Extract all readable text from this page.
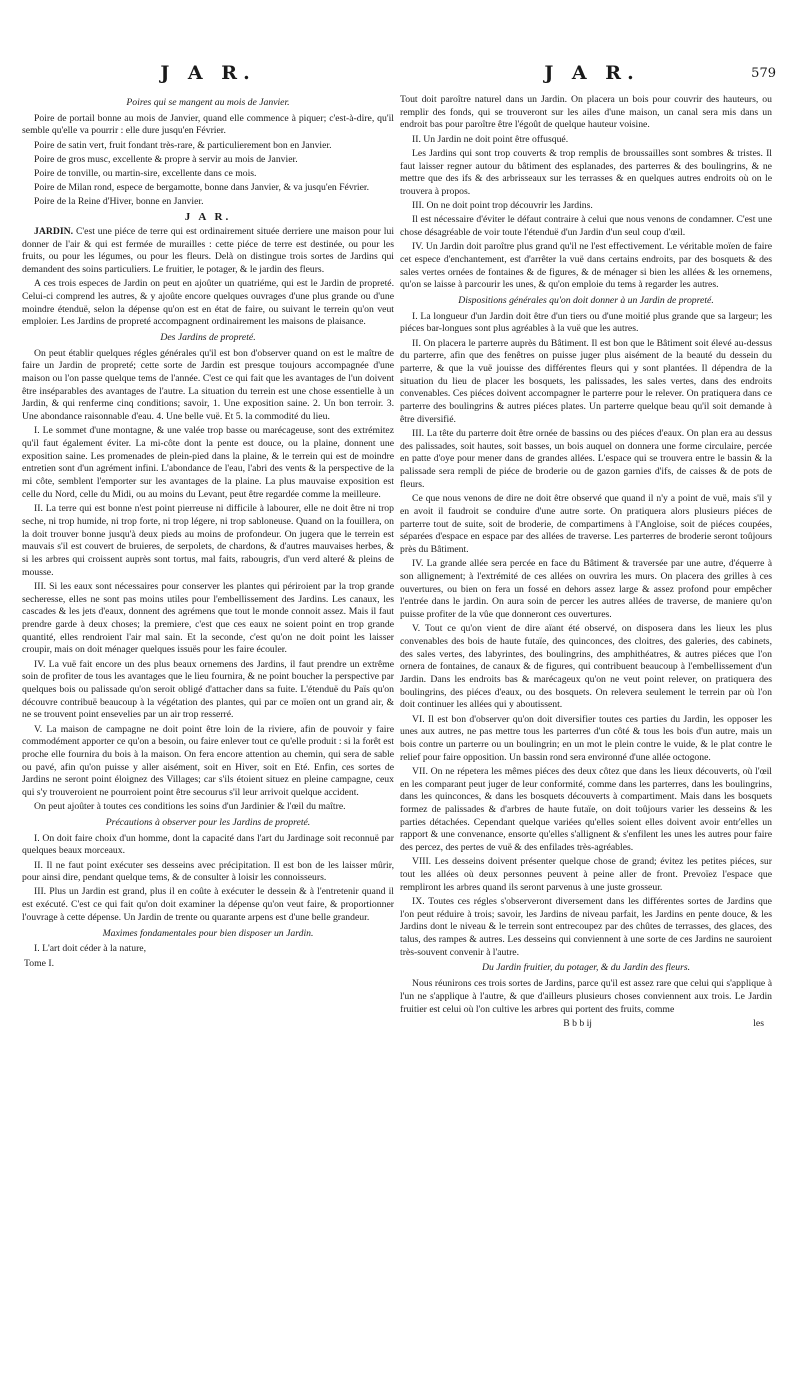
J A R.	J A R.	579
Poires qui se mangent au mois de Janvier.

Poire de portail bonne au mois de Janvier, quand elle commence à piquer; c'est-à-dire, qu'il semble qu'elle va pourrir : elle dure jusqu'en Février.

Poire de satin vert, fruit fondant très-rare, & particulierement bon en Janvier.

Poire de gros musc, excellente & propre à servir au mois de Janvier.

Poire de tonville, ou martin-sire, excellente dans ce mois.

Poire de Milan rond, espece de bergamotte, bonne dans Janvier, & va jusqu'en Février.

Poire de la Reine d'Hiver, bonne en Janvier.

J A R.

JARDIN. C'est une piéce de terre qui est ordinairement située derriere une maison pour lui donner de l'air & qui est fermée de murailles : cette piéce de terre est destinée, ou pour les fruits, ou pour les légumes, ou pour les fleurs. Delà on distingue trois sortes de Jardins qui demandent des soins particuliers. Le fruitier, le potager, & le jardin des fleurs.

A ces trois especes de Jardin on peut en ajoûter un quatriéme, qui est le Jardin de propreté. Celui-ci comprend les autres, & y ajoûte encore quelques ouvrages d'une plus grande ou d'une moindre étenduë, selon la dépense qu'on est en état de faire, ou suivant le terrein qu'on veut emploier. Les Jardins de propreté accompagnent ordinairement les maisons de plaisance.

Des Jardins de propreté.

On peut établir quelques régles générales qu'il est bon d'observer quand on est le maître de faire un Jardin de propreté; cette sorte de Jardin est presque toujours accompagnée d'une maison ou l'on passe quelque tems de l'année. C'est ce qui fait que les avantages de l'un doivent être inséparables des avantages de l'autre. La situation du terrein est une chose essentielle à un Jardin, & qui renferme cinq conditions; savoir, 1. Une exposition saine. 2. Un bon terroir. 3. Une abondance raisonnable d'eau. 4. Une belle vuë. Et 5. la commodité du lieu.

I. Le sommet d'une montagne, & une valée trop basse ou marécageuse, sont des extrémitez qu'il faut également éviter. La mi-côte dont la pente est douce, ou la plaine, donnent une exposition saine. Les promenades de plein-pied dans la plaine, & le terrein qui est de moindre entretien sont d'un agrément infini. L'abondance de l'eau, l'abri des vents & la perspective de la mi côte, semblent l'emporter sur les avantages de la plaine. La plus mauvaise exposition est celle du Nord, celle du Midi, ou au moins du Levant, peut être regardée comme la meilleure.

II. La terre qui est bonne n'est point pierreuse ni difficile à labourer, elle ne doit être ni trop seche, ni trop humide, ni trop forte, ni trop légere, ni trop sabloneuse. Quand on la fouillera, on la doit trouver bonne jusqu'à deux pieds au moins de profondeur. On jugera que le terrein est mauvais s'il est couvert de bruieres, de serpolets, de chardons, & d'autres mauvaises herbes, & si les arbres qui croissent auprès sont tortus, mal faits, rabougris, d'un verd alteré & pleins de mousse.

III. Si les eaux sont nécessaires pour conserver les plantes qui périroient par la trop grande secheresse, elles ne sont pas moins utiles pour l'embellissement des Jardins. Les canaux, les cascades & les jets d'eaux, donnent des agrémens que tout le monde connoit assez. Mais il faut prendre garde à deux choses; la premiere, c'est que ces eaux ne soient point en trop grande quantité, elles rendroient l'air mal sain. Et la seconde, c'est qu'on ne doit point les laisser croupir, mais on doit ménager quelques issuës pour les faire écouler.

IV. La vuë fait encore un des plus beaux ornemens des Jardins, il faut prendre un extrême soin de profiter de tous les avantages que le lieu fournira, & ne point boucher la perspective par quelques bois ou palissade qu'on seroit obligé d'attacher dans sa fuite. L'étenduë du Païs qu'on découvre contribuë beaucoup à la végétation des plantes, qui par ce moïen ont un grand air, & ne se trouvent point ensevelies par un air trop resserré.

V. La maison de campagne ne doit point être loin de la riviere, afin de pouvoir y faire commodément apporter ce qu'on a besoin, ou faire enlever tout ce qu'elle produit : si la forêt est proche elle fournira du bois à la maison. On fera encore attention au chemin, qui sera de sable ou pavé, afin qu'on puisse y aller aisément, soit en Hiver, soit en Eté. Enfin, ces sortes de Jardins ne seront point éloignez des Villages; car s'ils étoient situez en pleine campagne, ceux qui s'y trouveroient ne pourroient point être secourus s'il leur arrivoit quelque accident.

On peut ajoûter à toutes ces conditions les soins d'un Jardinier & l'œil du maître.

Précautions à observer pour les Jardins de propreté.

I. On doit faire choix d'un homme, dont la capacité dans l'art du Jardinage soit reconnuë par quelques beaux morceaux.

II. Il ne faut point exécuter ses desseins avec précipitation. Il est bon de les laisser mûrir, pour ainsi dire, pendant quelque tems, & de consulter à loisir les connoisseurs.

III. Plus un Jardin est grand, plus il en coûte à exécuter le dessein & à l'entretenir quand il est exécuté. C'est ce qui fait qu'on doit examiner la dépense qu'on veut faire, & proportionner l'ouvrage à cette dépense. Un Jardin de trente ou quarante arpens est d'une belle grandeur.

Maximes fondamentales pour bien disposer un Jardin.

I. L'art doit céder à la nature,

Tome I.

Tout doit paroître naturel dans un Jardin. On placera un bois pour couvrir des hauteurs, ou remplir des fonds, qui se trouveront sur les ailes d'une maison, un canal sera mis dans un endroit bas pour paroître être l'égoût de quelque hauteur voisine.

II. Un Jardin ne doit point être offusqué.

Les Jardins qui sont trop couverts & trop remplis de broussailles sont sombres & tristes. Il faut laisser regner autour du bâtiment des esplanades, des parterres & des boulingrins, & ne mettre que des ifs & des arbrisseaux sur les terrasses & en quelques autres endroits où on le trouvera à propos.

III. On ne doit point trop découvrir les Jardins.

Il est nécessaire d'éviter le défaut contraire à celui que nous venons de condamner. C'est une chose désagréable de voir toute l'étenduë d'un Jardin d'un seul coup d'œil.

IV. Un Jardin doit paroître plus grand qu'il ne l'est effectivement. Le véritable moïen de faire cet espece d'enchantement, est d'arrêter la vuë dans certains endroits, par des bosquets & des sales vertes ornées de fontaines & de figures, & de ménager si bien les allées & les ornemens, qu'on se laisse à parcourir les unes, & qu'on emploie du tems à regarder les autres.

Dispositions générales qu'on doit donner à un Jardin de propreté.

I. La longueur d'un Jardin doit être d'un tiers ou d'une moitié plus grande que sa largeur; les piéces bar-longues sont plus agréables à la vuë que les autres.

II. On placera le parterre auprès du Bâtiment. Il est bon que le Bâtiment soit élevé au-dessus du parterre, afin que des fenêtres on puisse juger plus aisément de la beauté du dessein du parterre, & que la vuë jouisse des différentes fleurs qui y sont plantées. Il dépendra de la situation du lieu de placer les bosquets, les palissades, les sales vertes, dans des endroits convenables. Ces piéces doivent accompagner le parterre pour le relever. On pratiquera dans ce parterre des boulingrins & autres piéces plates. Un parterre quelque beau qu'il soit demande à être diversifié.

III. La tête du parterre doit être ornée de bassins ou des piéces d'eaux. On plan era au dessus des palissades, soit hautes, soit basses, un bois auquel on donnera une forme circulaire, percée en patte d'oye pour mener dans de grandes allées. L'espace qui se trouvera entre le bassin & la palissade sera rempli de piéce de broderie ou de gazon garnies d'ifs, de caisses & de pots de fleurs.

Ce que nous venons de dire ne doit être observé que quand il n'y a point de vuë, mais s'il y en avoit il faudroit se conduire d'une autre sorte. On pratiquera alors plusieurs piéces de parterre tout de suite, soit de broderie, de compartimens à l'Angloise, soit de piéces coupées, séparées d'espace en espace par des allées de traverse. Les parterres de broderie seront toûjours près du Bâtiment.

IV. La grande allée sera percée en face du Bâtiment & traversée par une autre, d'équerre à son allignement; à l'extrémité de ces allées on ouvrira les murs. On placera des grilles à ces ouvertures, ou bien on fera un fossé en dehors assez large & assez profond pour empêcher l'entrée dans le jardin. On aura soin de percer les autres allées de traverse, de maniere qu'on puisse profiter de la vûe que donneront ces ouvertures.

V. Tout ce qu'on vient de dire aïant été observé, on disposera dans les lieux les plus convenables des bois de haute futaïe, des quinconces, des cloitres, des galeries, des cabinets, des sales vertes, des labyrintes, des boulingrins, des amphithéatres, & autres piéces que l'on ornera de fontaines, de canaux & de figures, qui contribuent beaucoup à l'embellissement d'un Jardin. Dans les endroits bas & marécageux qu'on ne veut point relever, on pratiquera des boulingrins, des piéces d'eaux, ou des bosquets. On relevera seulement le terrein par où l'on doit continuer les allées qui y aboutissent.

VI. Il est bon d'observer qu'on doit diversifier toutes ces parties du Jardin, les opposer les unes aux autres, ne pas mettre tous les parterres d'un côté & tous les bois d'un autre, mais un bois contre un parterre ou un boulingrin; en un mot le plein contre le vuide, & le plat contre le relief pour faire opposition. Un bassin rond sera environné d'une allée octogone.

VII. On ne répetera les mêmes piéces des deux côtez que dans les lieux découverts, où l'œil en les comparant peut juger de leur conformité, comme dans les parterres, dans les boulingrins, dans les quinconces, & dans les bosquets découverts à compartiment. Mais dans les bosquets formez de palissades & d'arbres de haute futaïe, on doit toûjours varier les desseins & les parties détachées. Cependant quelque variées qu'elles soient elles doivent avoir entr'elles un rapport & une convenance, ensorte qu'elles s'allignent & s'enfilent les unes les autres pour faire des percez, des pertes de vuë & des enfilades très-agréables.

VIII. Les desseins doivent présenter quelque chose de grand; évitez les petites piéces, sur tout les allées où deux personnes peuvent à peine aller de front. Prevoïez l'espace que rempliront les arbres quand ils seront parvenus à une juste grosseur.

IX. Toutes ces régles s'observeront diversement dans les différentes sortes de Jardins que l'on peut réduire à trois; savoir, les Jardins de niveau parfait, les Jardins en pente douce, & les Jardins dont le niveau & le terrein sont entrecoupez par des chûtes de terrasses, des glaces, des talus, des rampes & autres. Les desseins qui conviennent à une sorte de ces Jardins ne sauroient très-souvent convenir à l'autre.

Du Jardin fruitier, du potager, & du Jardin des fleurs.

Nous réunirons ces trois sortes de Jardins, parce qu'il est assez rare que celui qui s'applique à l'un ne s'applique à l'autre, & que d'ailleurs plusieurs choses conviennent aux trois. Le Jardin fruitier est celui où l'on cultive les arbres qui portent des fruits, comme

B b b ij	les
